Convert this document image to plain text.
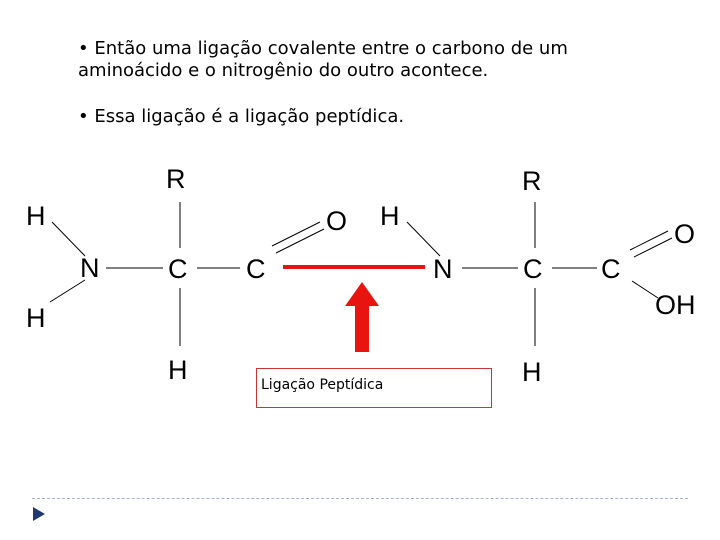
• Então uma ligação covalente entre o carbono de um aminoácido e o nitrogênio do outro acontece.
• Essa ligação é a ligação peptídica.
R
H
N
H
C
H
C
O H
R
N	C
H
C
O
OH
Ligação Peptídica
